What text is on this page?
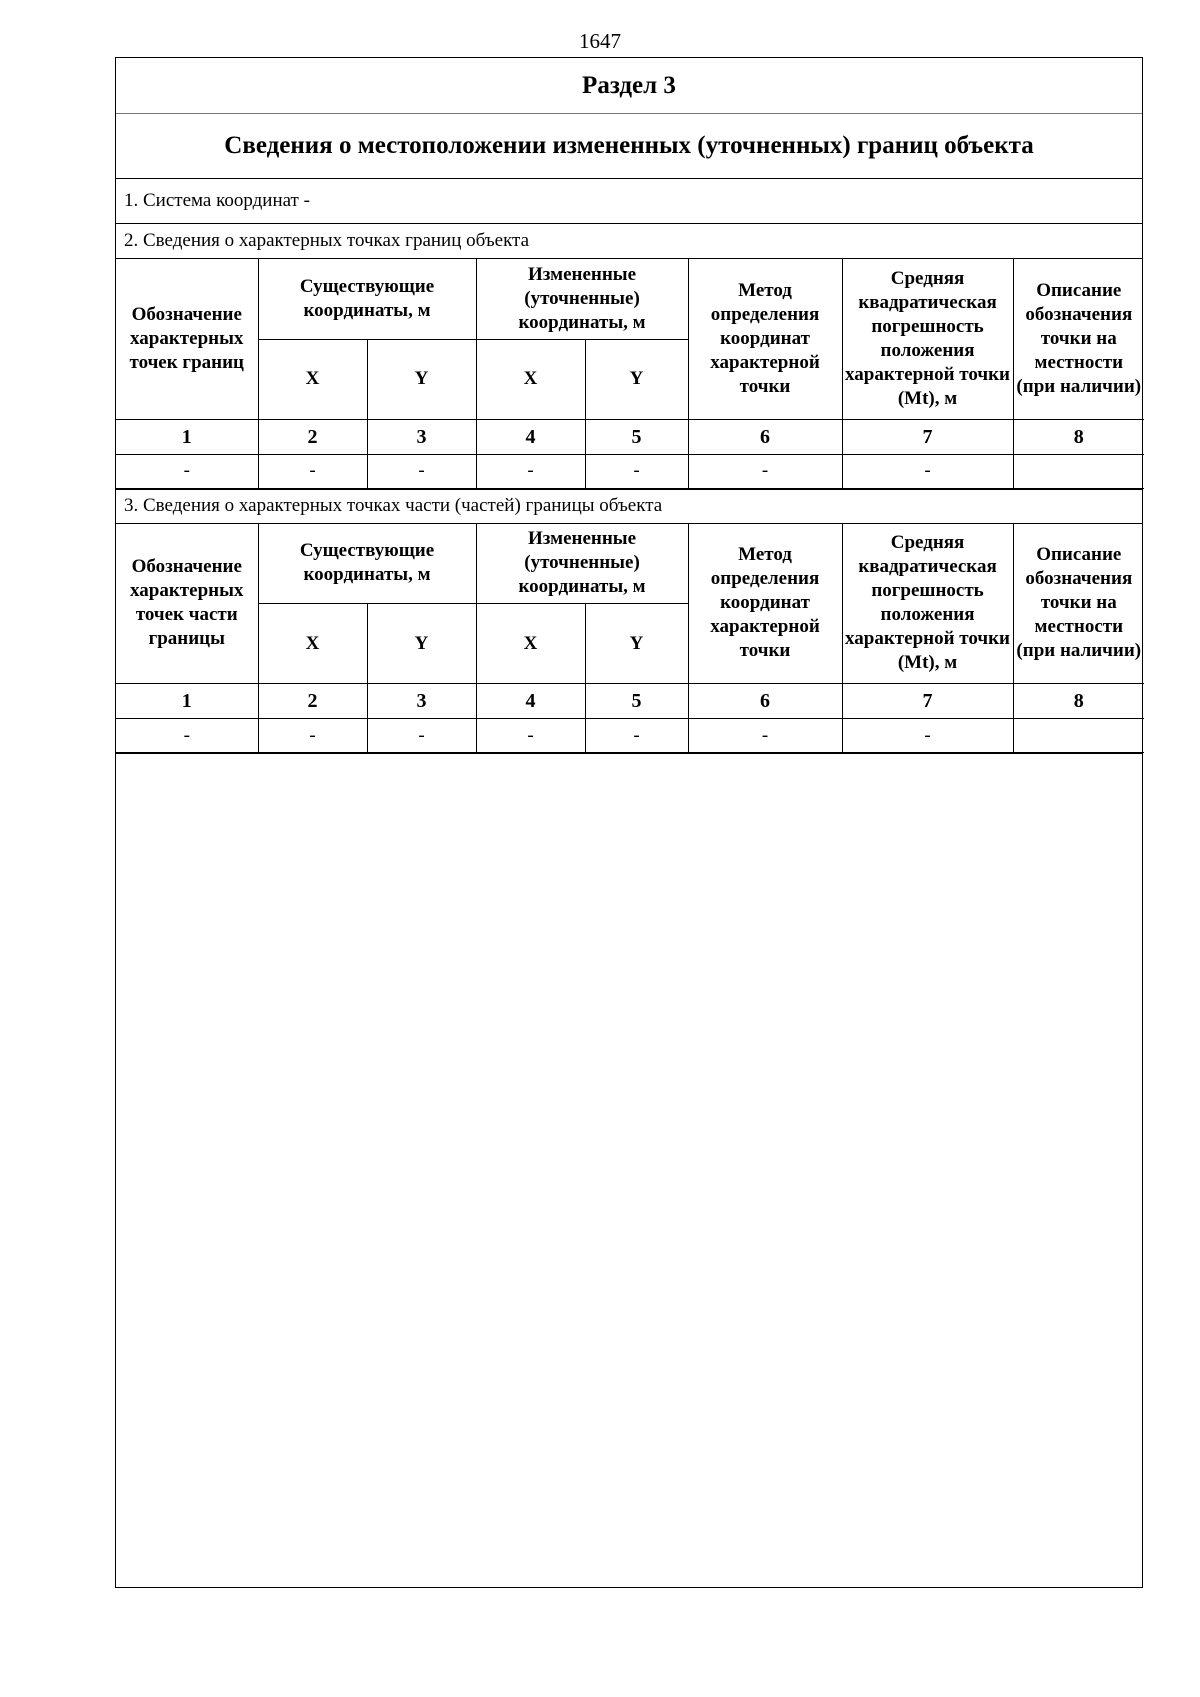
1647
Раздел 3
Сведения о местоположении измененных (уточненных) границ объекта
1. Система координат -
2. Сведения о характерных точках границ объекта
Обозначение характерных точек границ	Существующие координаты, м		Измененные (уточненные) координаты, м		Метод определения координат характерной точки	Средняя квадратическая погрешность положения характерной точки (Mt), м	Описание обозначения точки на местности (при наличии)
	X	Y	X	Y			
1	2	3	4	5	6	7	8
-	-	-	-	-	-	-	
3. Сведения о характерных точках части (частей) границы объекта
Обозначение характерных точек части границы	Существующие координаты, м		Измененные (уточненные) координаты, м		Метод определения координат характерной точки	Средняя квадратическая погрешность положения характерной точки (Mt), м	Описание обозначения точки на местности (при наличии)
	X	Y	X	Y			
1	2	3	4	5	6	7	8
-	-	-	-	-	-	-	
